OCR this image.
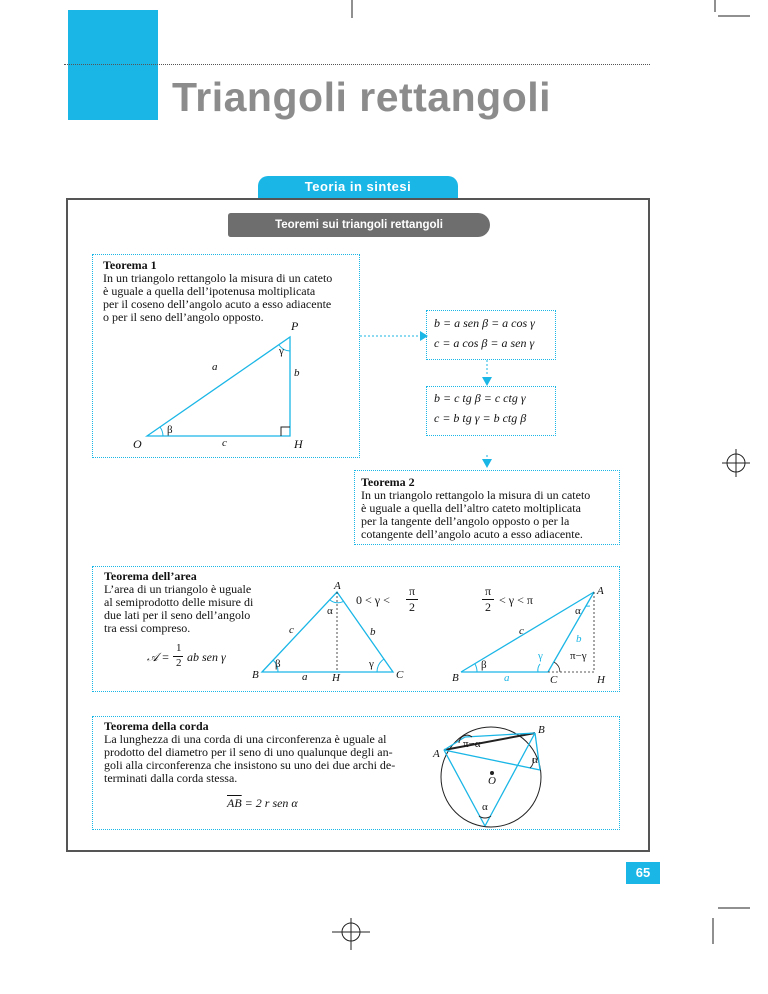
Triangoli rettangoli
Teoria in sintesi
Teoremi sui triangoli rettangoli
Teorema 1
In un triangolo rettangolo la misura di un cateto
è uguale a quella dell’ipotenusa moltiplicata
per il coseno dell’angolo acuto a esso adiacente
o per il seno dell’angolo opposto.
P
O	H
a	b
c
γ
β
b = a sen β = a cos γ
c = a cos β = a sen γ
b = c tg β = c ctg γ
c = b tg γ = b ctg β
Teorema 2
In un triangolo rettangolo la misura di un cateto
è uguale a quella dell’altro cateto moltiplicata
per la tangente dell’angolo opposto o per la
cotangente dell’angolo acuto a esso adiacente.
Teorema dell’area
L’area di un triangolo è uguale
al semiprodotto delle misure di
due lati per il seno dell’angolo
tra essi compreso.
𝒜 =
1
2 ab sen γ
A
B	C
H
a
b
c
α
β	γ
0 < γ <
π
2
A
B	C	H
a
b
c
α
β
γ π−γ
π
2 < γ < π
Teorema della corda
La lunghezza di una corda di una circonferenza è uguale al
prodotto del diametro per il seno di uno qualunque degli an-
goli alla circonferenza che insistono su uno dei due archi de-
terminati dalla corda stessa.
$\overline{AB} = 2$ r sen α
A
B
O
π−α
α
α
65
